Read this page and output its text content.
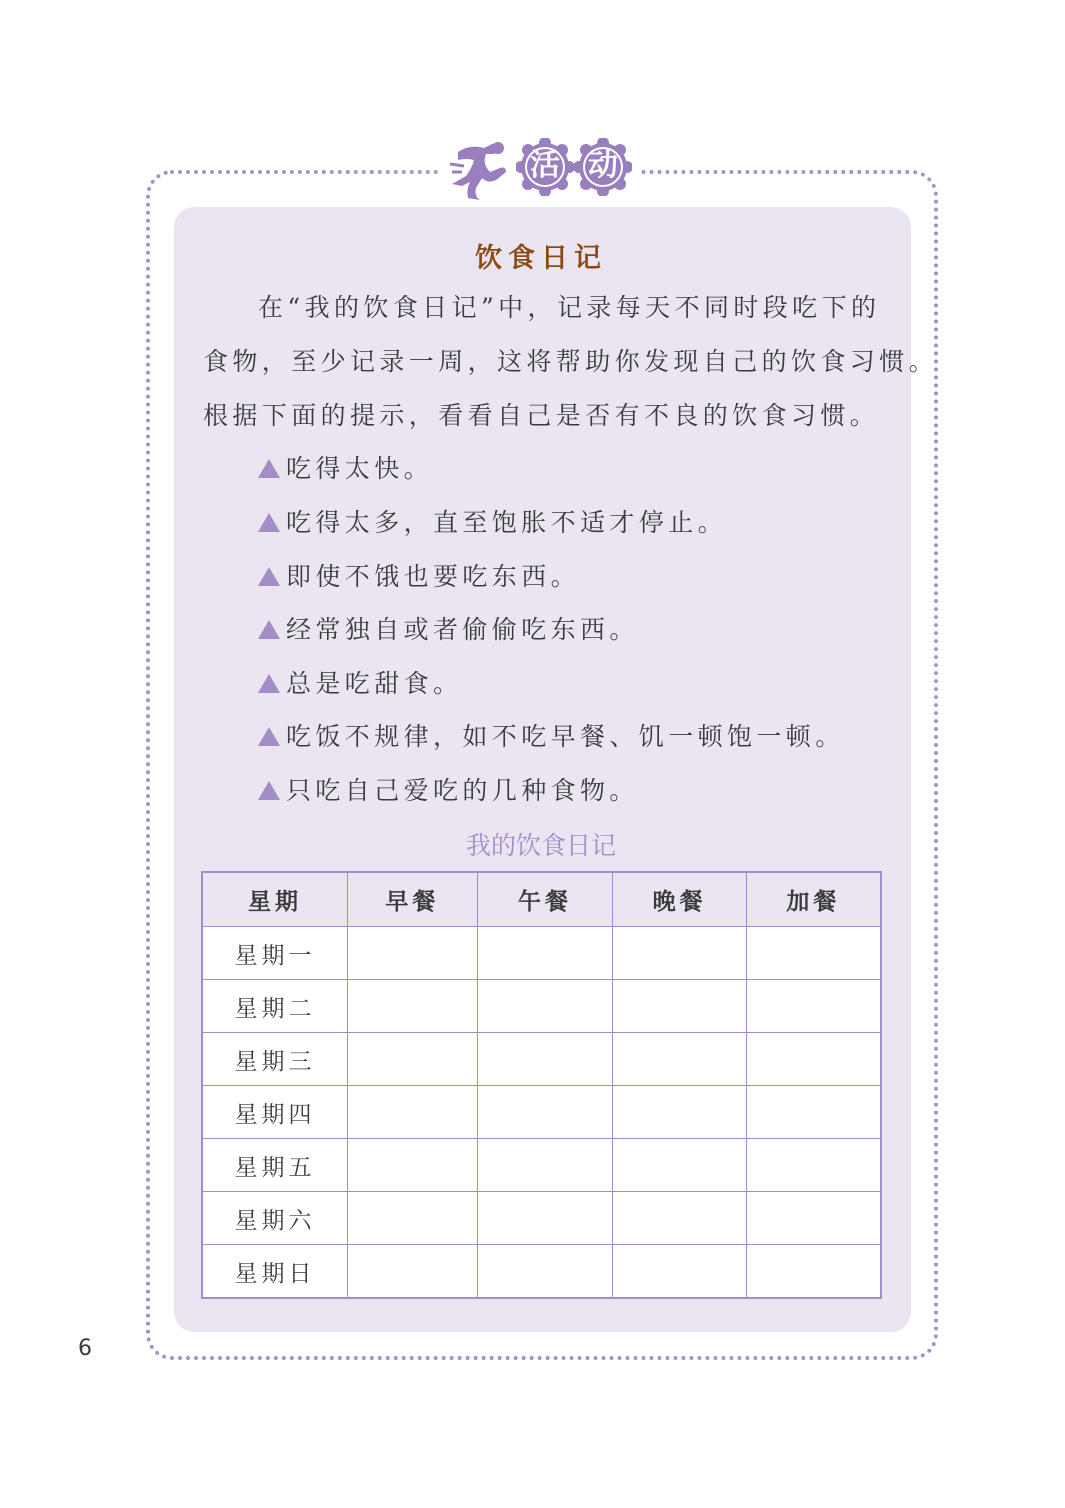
活 动
饮食日记
在“我的饮食日记”中，记录每天不同时段吃下的
食物，至少记录一周，这将帮助你发现自己的饮食习惯。
根据下面的提示，看看自己是否有不良的饮食习惯。
吃得太快。
吃得太多，直至饱胀不适才停止。
即使不饿也要吃东西。
经常独自或者偷偷吃东西。
总是吃甜食。
吃饭不规律，如不吃早餐、饥一顿饱一顿。
只吃自己爱吃的几种食物。
我的饮食日记
星期	早餐	午餐	晚餐	加餐
星期一				
星期二				
星期三				
星期四				
星期五				
星期六				
星期日				
6
